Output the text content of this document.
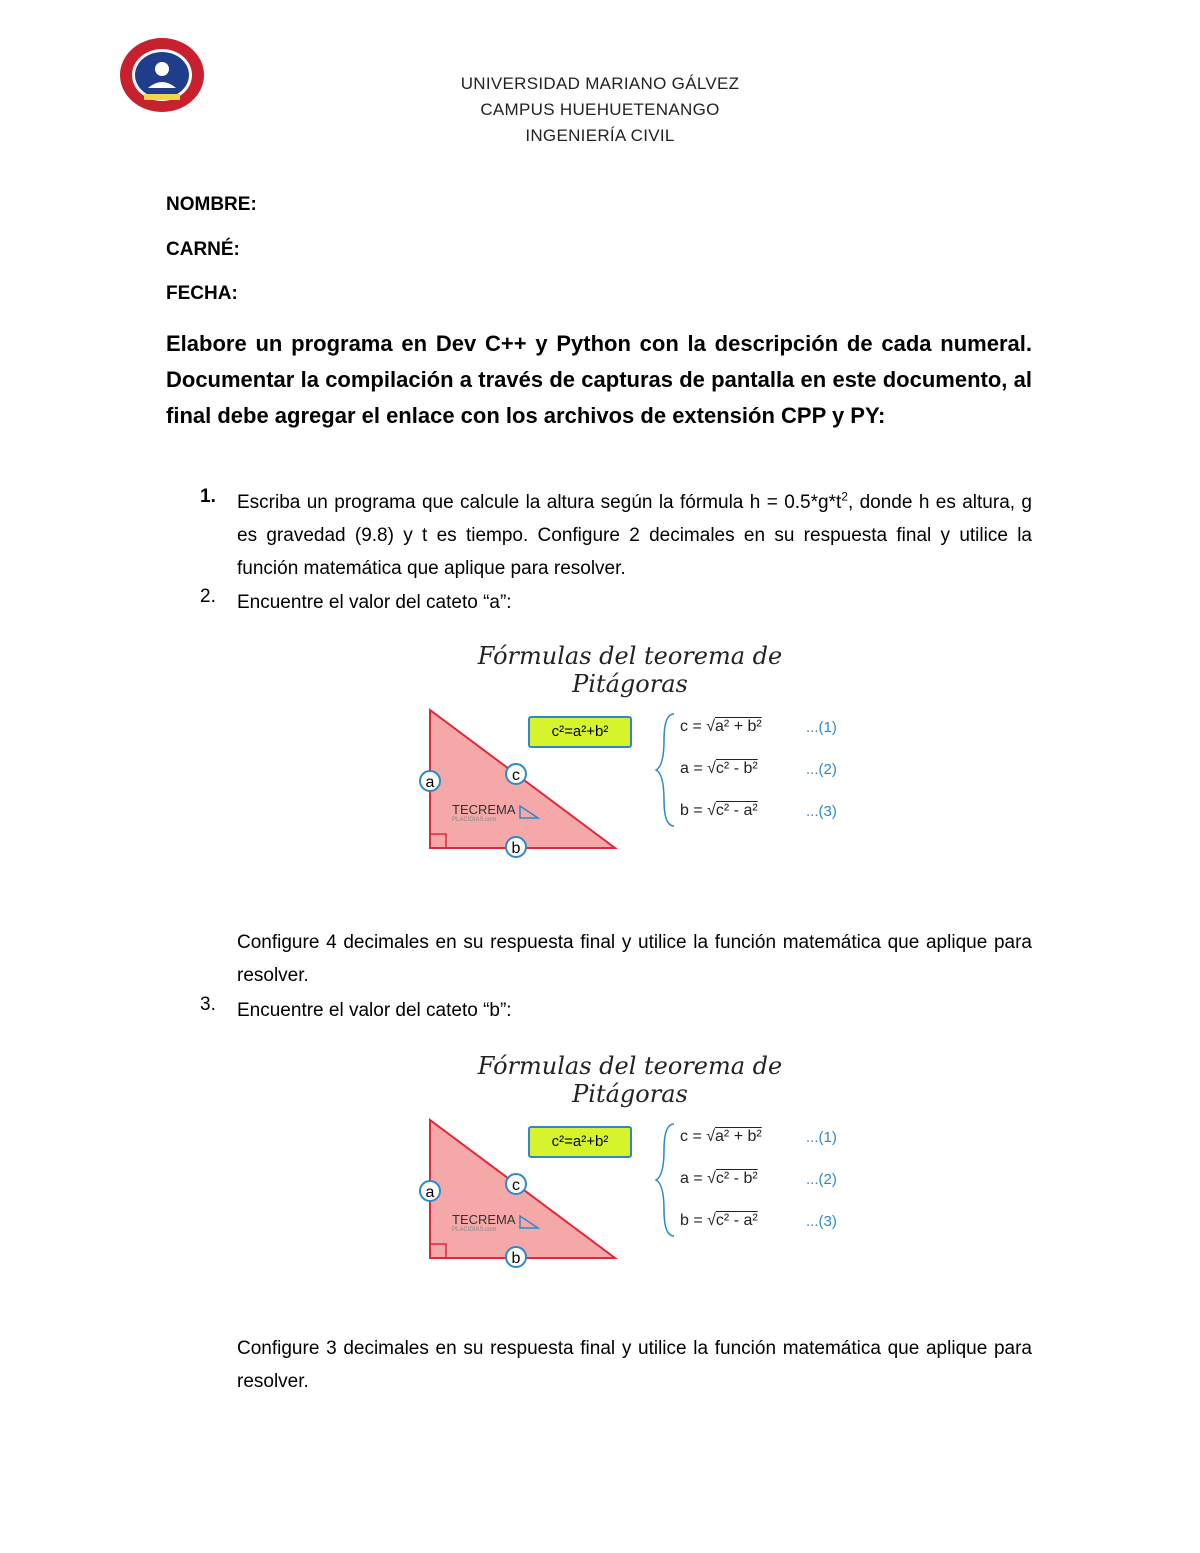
UNIVERSIDAD MARIANO GÁLVEZ
CAMPUS HUEHUETENANGO
INGENIERÍA CIVIL
NOMBRE:
CARNÉ:
FECHA:
Elabore un programa en Dev C++ y Python con la descripción de cada numeral. Documentar la compilación a través de capturas de pantalla en este documento, al final debe agregar el enlace con los archivos de extensión CPP y PY:
1. Escriba un programa que calcule la altura según la fórmula $h = 0.5*g*t^2$, donde h es altura, g es gravedad (9.8) y t es tiempo. Configure 2 decimales en su respuesta final y utilice la función matemática que aplique para resolver.
2. Encuentre el valor del cateto “a”:
a	c
b
TECREMA
PLACIDIAS.com
Fórmulas del teorema de Pitágoras
c²=a²+b²	c = √a² + b²
a = √c² - b²
b = √c² - a²
...(1)
...(2)
...(3)
Configure 4 decimales en su respuesta final y utilice la función matemática que aplique para resolver.
3. Encuentre el valor del cateto “b”:
a	c
b
TECREMA
PLACIDIAS.com
Fórmulas del teorema de Pitágoras
c²=a²+b²	c = √a² + b²
a = √c² - b²
b = √c² - a²
...(1)
...(2)
...(3)
Configure 3 decimales en su respuesta final y utilice la función matemática que aplique para resolver.
